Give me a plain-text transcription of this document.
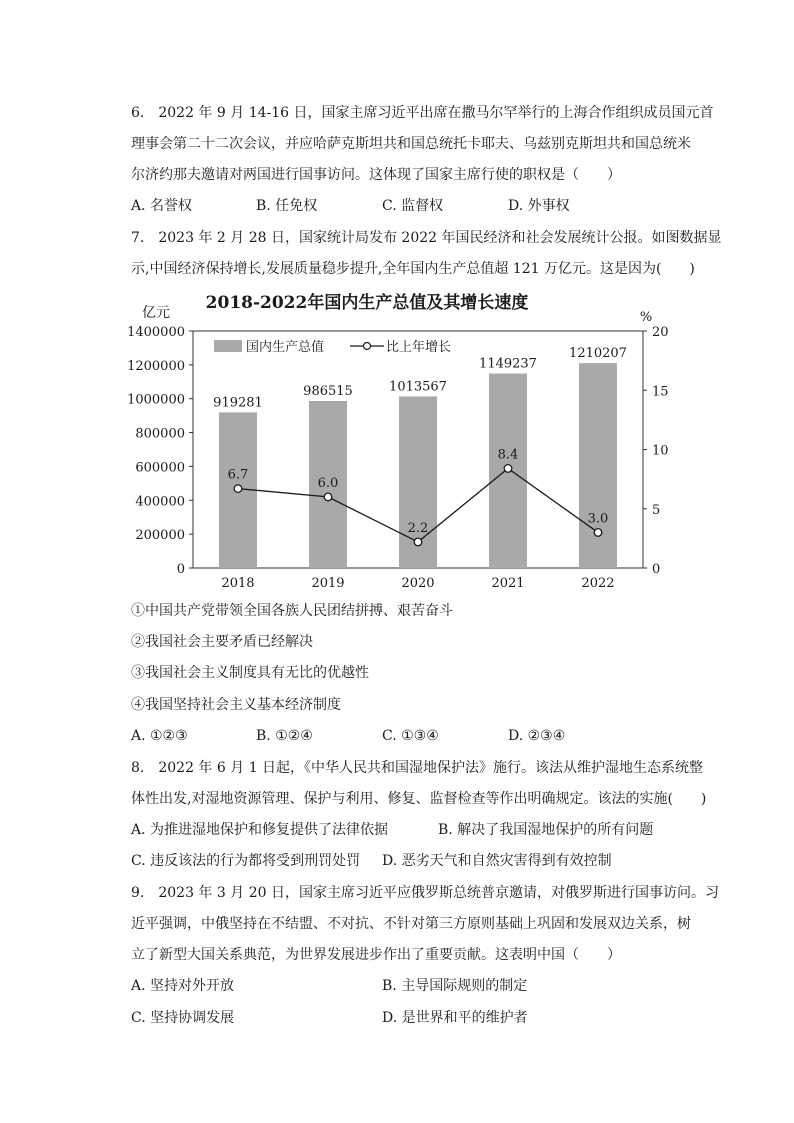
6.　2022 年 9 月 14-16 日，国家主席习近平出席在撒马尔罕举行的上海合作组织成员国元首
理事会第二十二次会议，并应哈萨克斯坦共和国总统托卡耶夫、乌兹别克斯坦共和国总统米
尔济约那夫邀请对两国进行国事访问。这体现了国家主席行使的职权是（　　）
A. 名誉权	B. 任免权	C. 监督权	D. 外事权
7.　2023 年 2 月 28 日，国家统计局发布 2022 年国民经济和社会发展统计公报。如图数据显
示,中国经济保持增长,发展质量稳步提升,全年国内生产总值超 121 万亿元。这是因为(　　)
2018-2022年国内生产总值及其增长速度
亿元	%
0
200000
400000
600000
800000
1000000
1200000
1400000
0
5
10
15
20
919281
986515	1013567
1149237
1210207
6.7
6.0
2.2
8.4
3.0
2018	2019	2020	2021	2022
国内生产总值	比上年增长
①中国共产党带领全国各族人民团结拼搏、艰苦奋斗
②我国社会主要矛盾已经解决
③我国社会主义制度具有无比的优越性
④我国坚持社会主义基本经济制度
A. ①②③	B. ①②④	C. ①③④	D. ②③④
8.　2022 年 6 月 1 日起，《中华人民共和国湿地保护法》施行。该法从维护湿地生态系统整
体性出发,对湿地资源管理、保护与利用、修复、监督检查等作出明确规定。该法的实施(　　)
A. 为推进湿地保护和修复提供了法律依据	B. 解决了我国湿地保护的所有问题
C. 违反该法的行为都将受到刑罚处罚 D. 恶劣天气和自然灾害得到有效控制
9.　2023 年 3 月 20 日，国家主席习近平应俄罗斯总统普京邀请，对俄罗斯进行国事访问。习
近平强调，中俄坚持在不结盟、不对抗、不针对第三方原则基础上巩固和发展双边关系，树
立了新型大国关系典范，为世界发展进步作出了重要贡献。这表明中国（　　）
A. 坚持对外开放	B. 主导国际规则的制定
C. 坚持协调发展	D. 是世界和平的维护者
